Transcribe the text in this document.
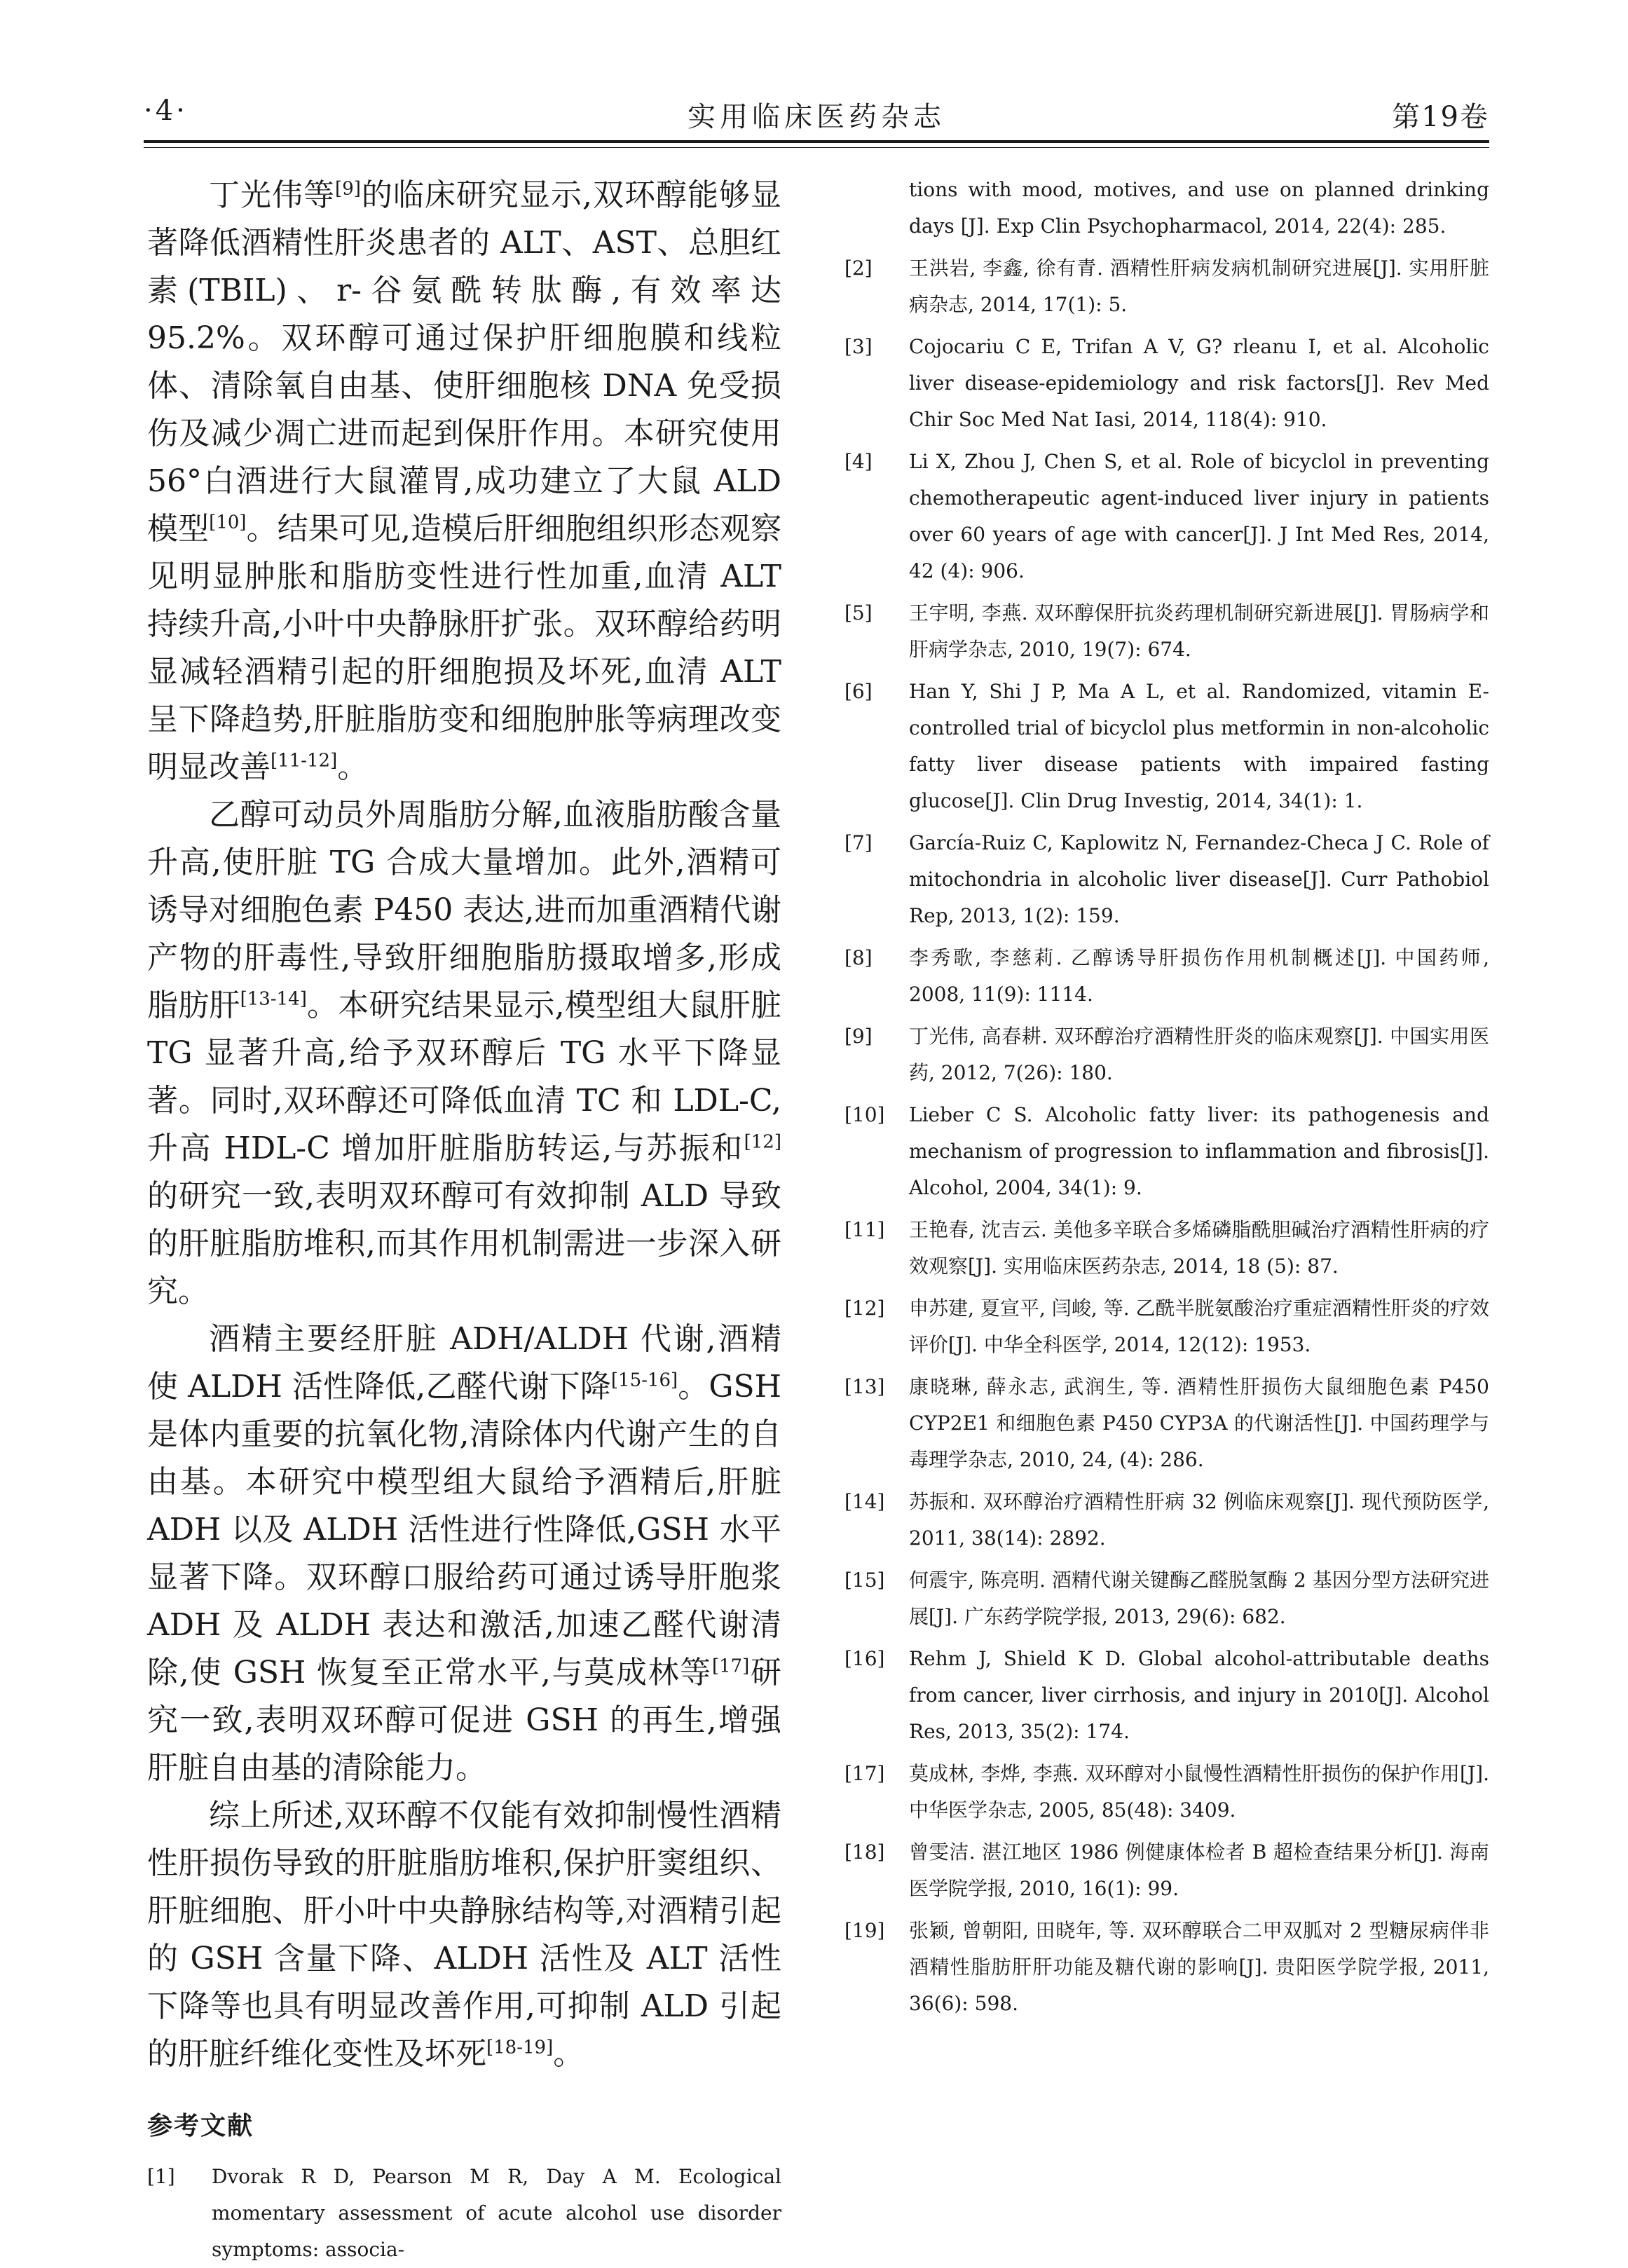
·4·	实用临床医药杂志	第19卷

丁光伟等[9]的临床研究显示,双环醇能够显著降低酒精性肝炎患者的 ALT、AST、总胆红素(TBIL)、r-谷氨酰转肽酶,有效率达 95.2%。双环醇可通过保护肝细胞膜和线粒体、清除氧自由基、使肝细胞核 DNA 免受损伤及减少凋亡进而起到保肝作用。本研究使用 56°白酒进行大鼠灌胃,成功建立了大鼠 ALD 模型[10]。结果可见,造模后肝细胞组织形态观察见明显肿胀和脂肪变性进行性加重,血清 ALT 持续升高,小叶中央静脉肝扩张。双环醇给药明显减轻酒精引起的肝细胞损及坏死,血清 ALT 呈下降趋势,肝脏脂肪变和细胞肿胀等病理改变明显改善[11-12]。

乙醇可动员外周脂肪分解,血液脂肪酸含量升高,使肝脏 TG 合成大量增加。此外,酒精可诱导对细胞色素 P450 表达,进而加重酒精代谢产物的肝毒性,导致肝细胞脂肪摄取增多,形成脂肪肝[13-14]。本研究结果显示,模型组大鼠肝脏 TG 显著升高,给予双环醇后 TG 水平下降显著。同时,双环醇还可降低血清 TC 和 LDL-C,升高 HDL-C 增加肝脏脂肪转运,与苏振和[12]的研究一致,表明双环醇可有效抑制 ALD 导致的肝脏脂肪堆积,而其作用机制需进一步深入研究。

酒精主要经肝脏 ADH/ALDH 代谢,酒精使 ALDH 活性降低,乙醛代谢下降[15-16]。GSH 是体内重要的抗氧化物,清除体内代谢产生的自由基。本研究中模型组大鼠给予酒精后,肝脏 ADH 以及 ALDH 活性进行性降低,GSH 水平显著下降。双环醇口服给药可通过诱导肝胞浆 ADH 及 ALDH 表达和激活,加速乙醛代谢清除,使 GSH 恢复至正常水平,与莫成林等[17]研究一致,表明双环醇可促进 GSH 的再生,增强肝脏自由基的清除能力。

综上所述,双环醇不仅能有效抑制慢性酒精性肝损伤导致的肝脏脂肪堆积,保护肝窦组织、肝脏细胞、肝小叶中央静脉结构等,对酒精引起的 GSH 含量下降、ALDH 活性及 ALT 活性下降等也具有明显改善作用,可抑制 ALD 引起的肝脏纤维化变性及坏死[18-19]。

参考文献
[1]	Dvorak R D, Pearson M R, Day A M. Ecological momentary assessment of acute alcohol use disorder symptoms: associa-
tions with mood, motives, and use on planned drinking days [J]. Exp Clin Psychopharmacol, 2014, 22(4): 285.
[2]	王洪岩, 李鑫, 徐有青. 酒精性肝病发病机制研究进展[J]. 实用肝脏病杂志, 2014, 17(1): 5.
[3]	Cojocariu C E, Trifan A V, G? rleanu I, et al. Alcoholic liver disease-epidemiology and risk factors[J]. Rev Med Chir Soc Med Nat Iasi, 2014, 118(4): 910.
[4]	Li X, Zhou J, Chen S, et al. Role of bicyclol in preventing chemotherapeutic agent-induced liver injury in patients over 60 years of age with cancer[J]. J Int Med Res, 2014, 42 (4): 906.
[5]	王宇明, 李燕. 双环醇保肝抗炎药理机制研究新进展[J]. 胃肠病学和肝病学杂志, 2010, 19(7): 674.
[6]	Han Y, Shi J P, Ma A L, et al. Randomized, vitamin E-controlled trial of bicyclol plus metformin in non-alcoholic fatty liver disease patients with impaired fasting glucose[J]. Clin Drug Investig, 2014, 34(1): 1.
[7]	García-Ruiz C, Kaplowitz N, Fernandez-Checa J C. Role of mitochondria in alcoholic liver disease[J]. Curr Pathobiol Rep, 2013, 1(2): 159.
[8]	李秀歌, 李慈莉. 乙醇诱导肝损伤作用机制概述[J]. 中国药师, 2008, 11(9): 1114.
[9]	丁光伟, 高春耕. 双环醇治疗酒精性肝炎的临床观察[J]. 中国实用医药, 2012, 7(26): 180.
[10]	Lieber C S. Alcoholic fatty liver: its pathogenesis and mechanism of progression to inflammation and fibrosis[J]. Alcohol, 2004, 34(1): 9.
[11]	王艳春, 沈吉云. 美他多辛联合多烯磷脂酰胆碱治疗酒精性肝病的疗效观察[J]. 实用临床医药杂志, 2014, 18 (5): 87.
[12]	申苏建, 夏宣平, 闫峻, 等. 乙酰半胱氨酸治疗重症酒精性肝炎的疗效评价[J]. 中华全科医学, 2014, 12(12): 1953.
[13]	康晓琳, 薛永志, 武润生, 等. 酒精性肝损伤大鼠细胞色素 P450 CYP2E1 和细胞色素 P450 CYP3A 的代谢活性[J]. 中国药理学与毒理学杂志, 2010, 24, (4): 286.
[14]	苏振和. 双环醇治疗酒精性肝病 32 例临床观察[J]. 现代预防医学, 2011, 38(14): 2892.
[15]	何震宇, 陈亮明. 酒精代谢关键酶乙醛脱氢酶 2 基因分型方法研究进展[J]. 广东药学院学报, 2013, 29(6): 682.
[16]	Rehm J, Shield K D. Global alcohol-attributable deaths from cancer, liver cirrhosis, and injury in 2010[J]. Alcohol Res, 2013, 35(2): 174.
[17]	莫成林, 李烨, 李燕. 双环醇对小鼠慢性酒精性肝损伤的保护作用[J]. 中华医学杂志, 2005, 85(48): 3409.
[18]	曾雯洁. 湛江地区 1986 例健康体检者 B 超检查结果分析[J]. 海南医学院学报, 2010, 16(1): 99.
[19]	张颖, 曾朝阳, 田晓年, 等. 双环醇联合二甲双胍对 2 型糖尿病伴非酒精性脂肪肝肝功能及糖代谢的影响[J]. 贵阳医学院学报, 2011, 36(6): 598.
